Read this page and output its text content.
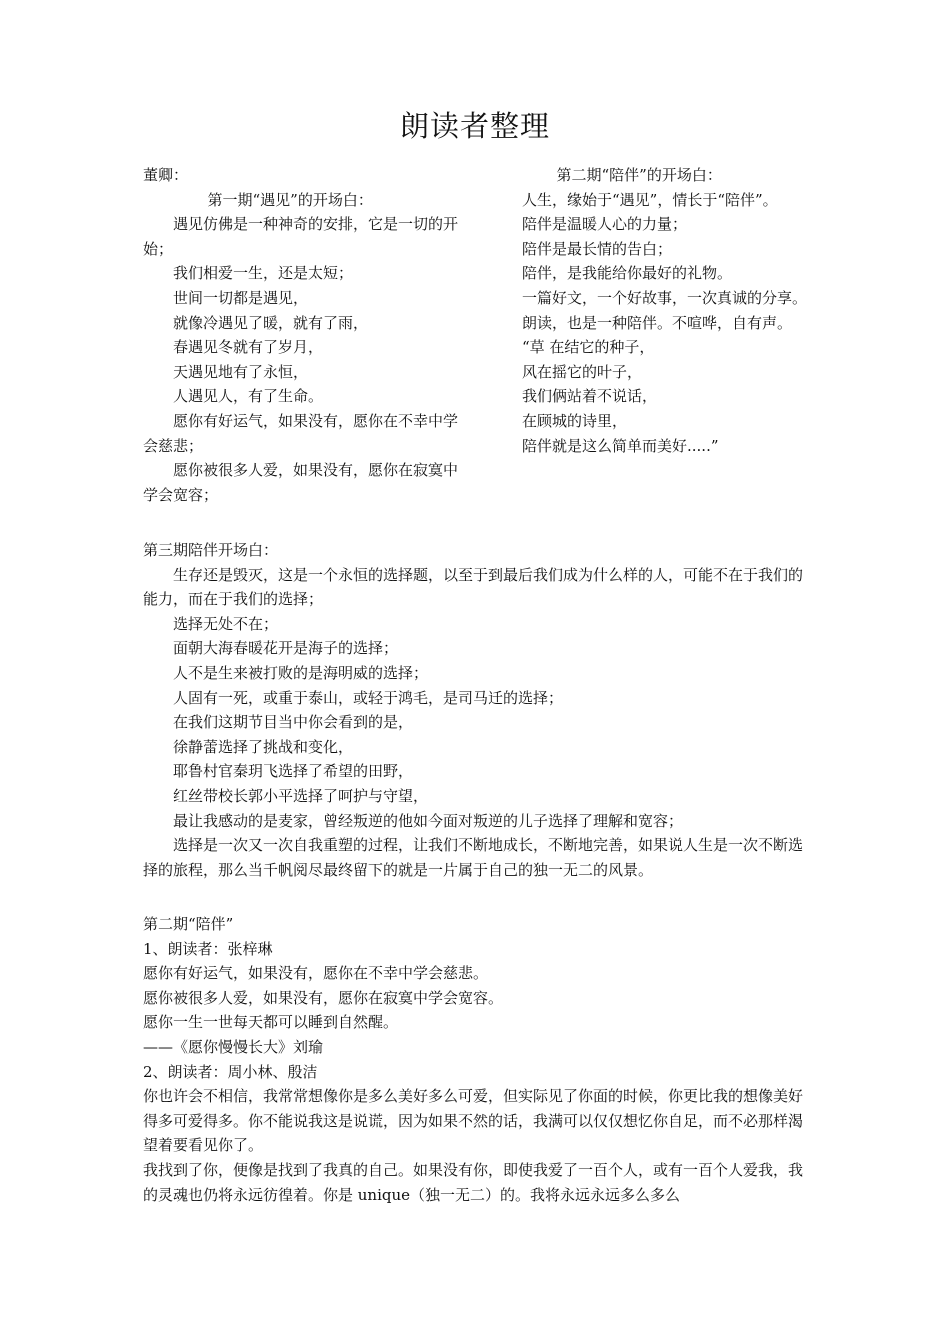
朗读者整理

董卿：

第一期“遇见”的开场白：

遇见仿佛是一种神奇的安排，它是一切的开始；

我们相爱一生，还是太短；

世间一切都是遇见，

就像冷遇见了暖，就有了雨，

春遇见冬就有了岁月，

天遇见地有了永恒，

人遇见人，有了生命。

愿你有好运气，如果没有，愿你在不幸中学会慈悲；

愿你被很多人爱，如果没有，愿你在寂寞中学会宽容；

第二期“陪伴”的开场白：

人生，缘始于“遇见”，情长于“陪伴”。

陪伴是温暖人心的力量；

陪伴是最长情的告白；

陪伴，是我能给你最好的礼物。

一篇好文，一个好故事，一次真诚的分享。

朗读，也是一种陪伴。不喧哗，自有声。

“草 在结它的种子，

风在摇它的叶子，

我们俩站着不说话，

在顾城的诗里，

陪伴就是这么简单而美好.....”

第三期陪伴开场白：

生存还是毁灭，这是一个永恒的选择题，以至于到最后我们成为什么样的人，可能不在于我们的能力，而在于我们的选择；

选择无处不在；

面朝大海春暖花开是海子的选择；

人不是生来被打败的是海明威的选择；

人固有一死，或重于泰山，或轻于鸿毛，是司马迁的选择；

在我们这期节目当中你会看到的是，

徐静蕾选择了挑战和变化，

耶鲁村官秦玥飞选择了希望的田野，

红丝带校长郭小平选择了呵护与守望，

最让我感动的是麦家，曾经叛逆的他如今面对叛逆的儿子选择了理解和宽容；

选择是一次又一次自我重塑的过程，让我们不断地成长，不断地完善，如果说人生是一次不断选择的旅程，那么当千帆阅尽最终留下的就是一片属于自己的独一无二的风景。

第二期“陪伴”

1、朗读者：张梓琳

愿你有好运气，如果没有，愿你在不幸中学会慈悲。

愿你被很多人爱，如果没有，愿你在寂寞中学会宽容。

愿你一生一世每天都可以睡到自然醒。

——《愿你慢慢长大》刘瑜

2、朗读者：周小林、殷洁

你也许会不相信，我常常想像你是多么美好多么可爱，但实际见了你面的时候，你更比我的想像美好得多可爱得多。你不能说我这是说谎，因为如果不然的话，我满可以仅仅想忆你自足，而不必那样渴望着要看见你了。

我找到了你，便像是找到了我真的自己。如果没有你，即使我爱了一百个人，或有一百个人爱我，我的灵魂也仍将永远彷徨着。你是 unique（独一无二）的。我将永远永远多么多么
